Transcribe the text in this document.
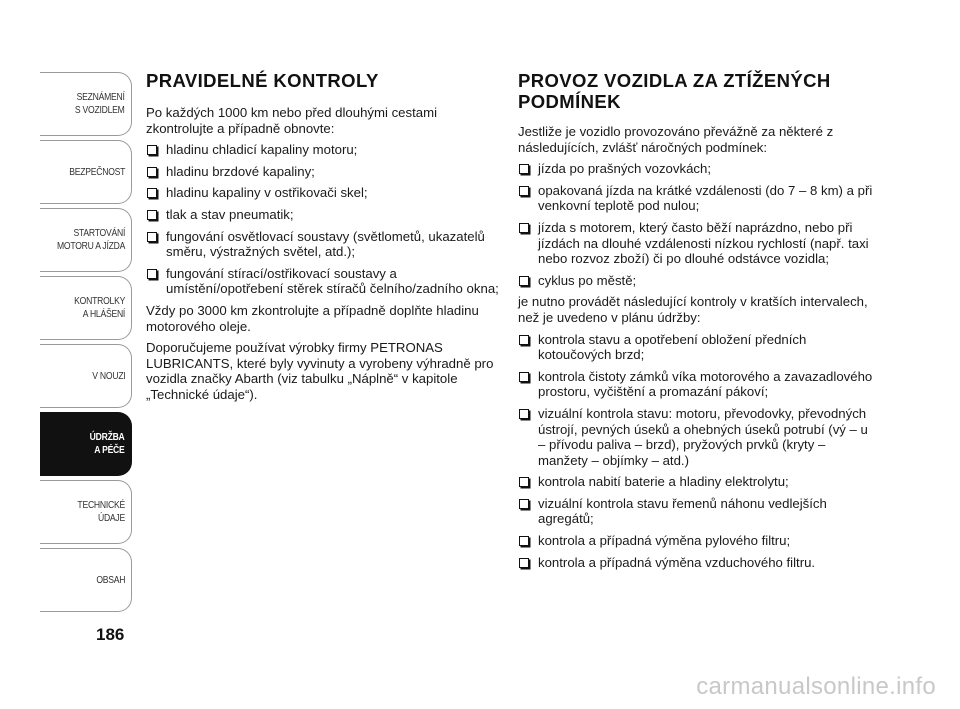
SEZNÁMENÍ
S VOZIDLEM
BEZPEČNOST
STARTOVÁNÍ
MOTORU A JÍZDA
KONTROLKY
A HLÁŠENÍ
V NOUZI
ÚDRŽBA
A PÉČE
TECHNICKÉ
ÚDAJE
OBSAH
186
PRAVIDELNÉ KONTROLY

Po každých 1000 km nebo před dlouhými cestami zkontrolujte a případně obnovte:

hladinu chladicí kapaliny motoru;
hladinu brzdové kapaliny;
hladinu kapaliny v ostřikovači skel;
tlak a stav pneumatik;
fungování osvětlovací soustavy (světlometů, ukazatelů směru, výstražných světel, atd.);
fungování stírací/ostřikovací soustavy a umístění/opotřebení stěrek stíračů čelního/zadního okna;

Vždy po 3000 km zkontrolujte a případně doplňte hladinu motorového oleje.

Doporučujeme používat výrobky firmy PETRONAS LUBRICANTS, které byly vyvinuty a vyrobeny výhradně pro vozidla značky Abarth (viz tabulku „Náplně“ v kapitole „Technické údaje“).

PROVOZ VOZIDLA ZA ZTÍŽENÝCH PODMÍNEK

Jestliže je vozidlo provozováno převážně za některé z následujících, zvlášť náročných podmínek:

jízda po prašných vozovkách;
opakovaná jízda na krátké vzdálenosti (do 7 – 8 km) a při venkovní teplotě pod nulou;
jízda s motorem, který často běží naprázdno, nebo při jízdách na dlouhé vzdálenosti nízkou rychlostí (např. taxi nebo rozvoz zboží) či po dlouhé odstávce vozidla;
cyklus po městě;

je nutno provádět následující kontroly v kratších intervalech, než je uvedeno v plánu údržby:

kontrola stavu a opotřebení obložení předních kotoučových brzd;
kontrola čistoty zámků víka motorového a zavazadlového prostoru, vyčištění a promazání pákoví;
vizuální kontrola stavu: motoru, převodovky, převodných ústrojí, pevných úseků a ohebných úseků potrubí (vý – u – přívodu paliva – brzd), pryžových prvků (kryty – manžety – objímky – atd.)
kontrola nabití baterie a hladiny elektrolytu;
vizuální kontrola stavu řemenů náhonu vedlejších agregátů;
kontrola a případná výměna pylového filtru;
kontrola a případná výměna vzduchového filtru.
carmanualsonline.info
